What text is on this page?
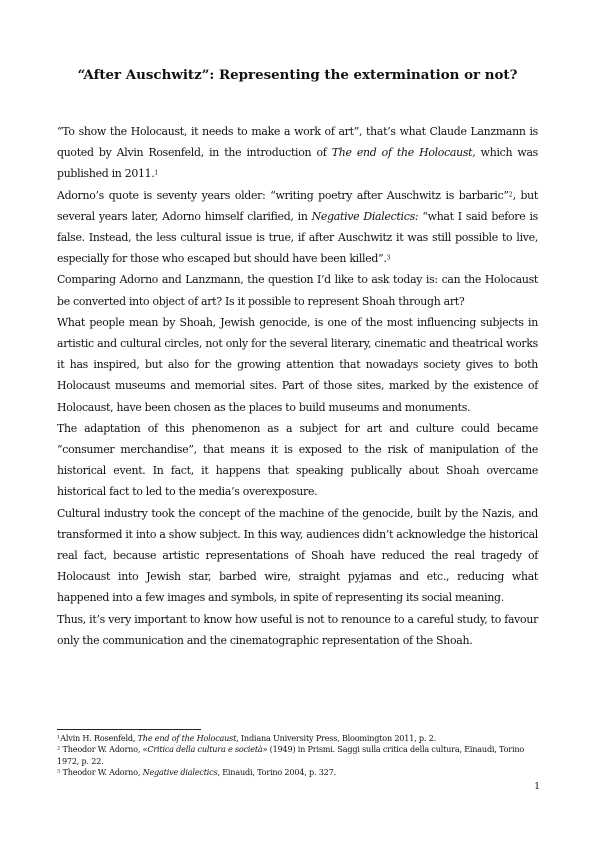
“After Auschwitz”: Representing the extermination or not?

“To show the Holocaust, it needs to make a work of art”, that’s what Claude Lanzmann is quoted by Alvin Rosenfeld, in the introduction of The end of the Holocaust, which was published in 2011.$^1$

Adorno’s quote is seventy years older: “writing poetry after Auschwitz is barbaric”$^2$, but several years later, Adorno himself clarified, in Negative Dialectics: “what I said before is false. Instead, the less cultural issue is true, if after Auschwitz it was still possible to live, especially for those who escaped but should have been killed”.$^3$

Comparing Adorno and Lanzmann, the question I’d like to ask today is: can the Holocaust be converted into object of art? Is it possible to represent Shoah through art?

What people mean by Shoah, Jewish genocide, is one of the most influencing subjects in artistic and cultural circles, not only for the several literary, cinematic and theatrical works it has inspired, but also for the growing attention that nowadays society gives to both Holocaust museums and memorial sites. Part of those sites, marked by the existence of Holocaust, have been chosen as the places to build museums and monuments.

The adaptation of this phenomenon as a subject for art and culture could became “consumer merchandise”, that means it is exposed to the risk of manipulation of the historical event. In fact, it happens that speaking publically about Shoah overcame historical fact to led to the media’s overexposure.

Cultural industry took the concept of the machine of the genocide, built by the Nazis, and transformed it into a show subject. In this way, audiences didn’t acknowledge the historical real fact, because artistic representations of Shoah have reduced the real tragedy of Holocaust into Jewish star, barbed wire, straight pyjamas and etc., reducing what happened into a few images and symbols, in spite of representing its social meaning.

Thus, it’s very important to know how useful is not to renounce to a careful study, to favour only the communication and the cinematographic representation of the Shoah.

$^1$Alvin H. Rosenfeld, The end of the Holocaust, Indiana University Press, Bloomington 2011, p. 2.

$^2$ Theodor W. Adorno, «Critica della cultura e società» (1949) in Prismi. Saggi sulla critica della cultura, Einaudi, Torino 1972, p. 22.

$^3$ Theodor W. Adorno, Negative dialectics, Einaudi, Torino 2004, p. 327.

1
